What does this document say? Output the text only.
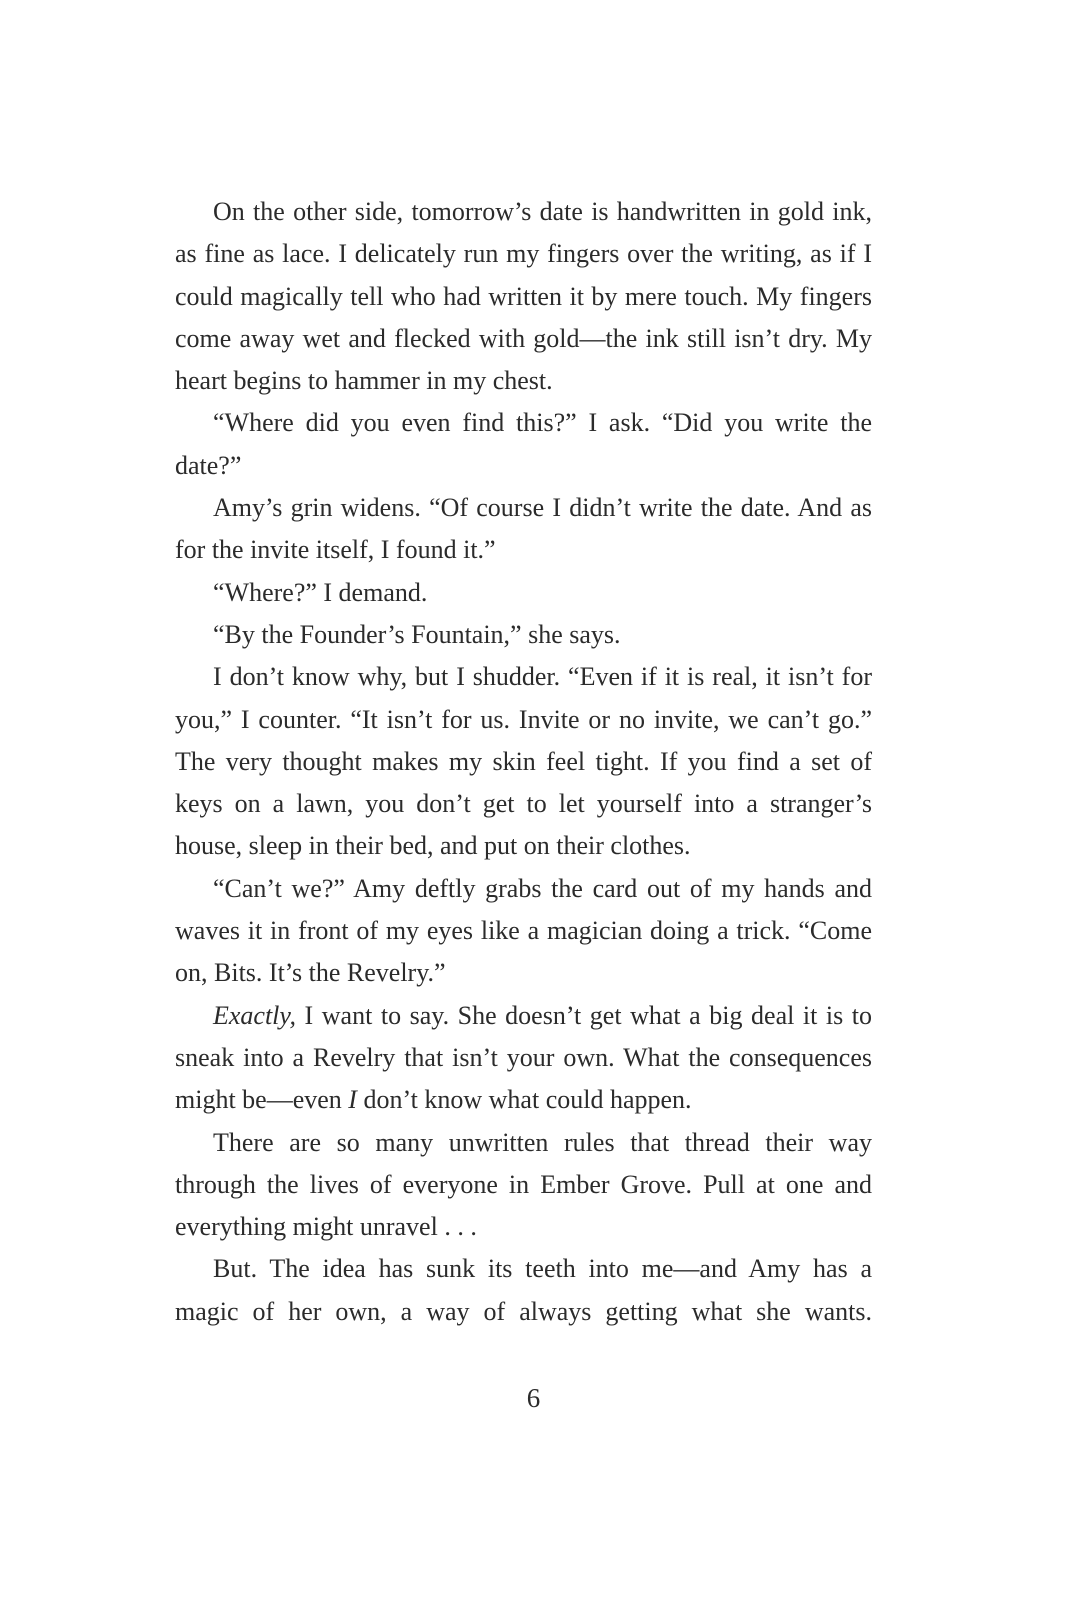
On the other side, tomorrow’s date is handwritten in gold ink, as fine as lace. I delicately run my fingers over the writing, as if I could magically tell who had written it by mere touch. My fingers come away wet and flecked with gold—the ink still isn’t dry. My heart begins to hammer in my chest.

“Where did you even find this?” I ask. “Did you write the date?”

Amy’s grin widens. “Of course I didn’t write the date. And as for the invite itself, I found it.”

“Where?” I demand.

“By the Founder’s Fountain,” she says.

I don’t know why, but I shudder. “Even if it is real, it isn’t for you,” I counter. “It isn’t for us. Invite or no invite, we can’t go.” The very thought makes my skin feel tight. If you find a set of keys on a lawn, you don’t get to let yourself into a stranger’s house, sleep in their bed, and put on their clothes.

“Can’t we?” Amy deftly grabs the card out of my hands and waves it in front of my eyes like a magician doing a trick. “Come on, Bits. It’s the Revelry.”

Exactly, I want to say. She doesn’t get what a big deal it is to sneak into a Revelry that isn’t your own. What the consequences might be—even I don’t know what could happen.

There are so many unwritten rules that thread their way through the lives of everyone in Ember Grove. Pull at one and everything might unravel . . .

But. The idea has sunk its teeth into me—and Amy has a magic of her own, a way of always getting what she wants.

6
